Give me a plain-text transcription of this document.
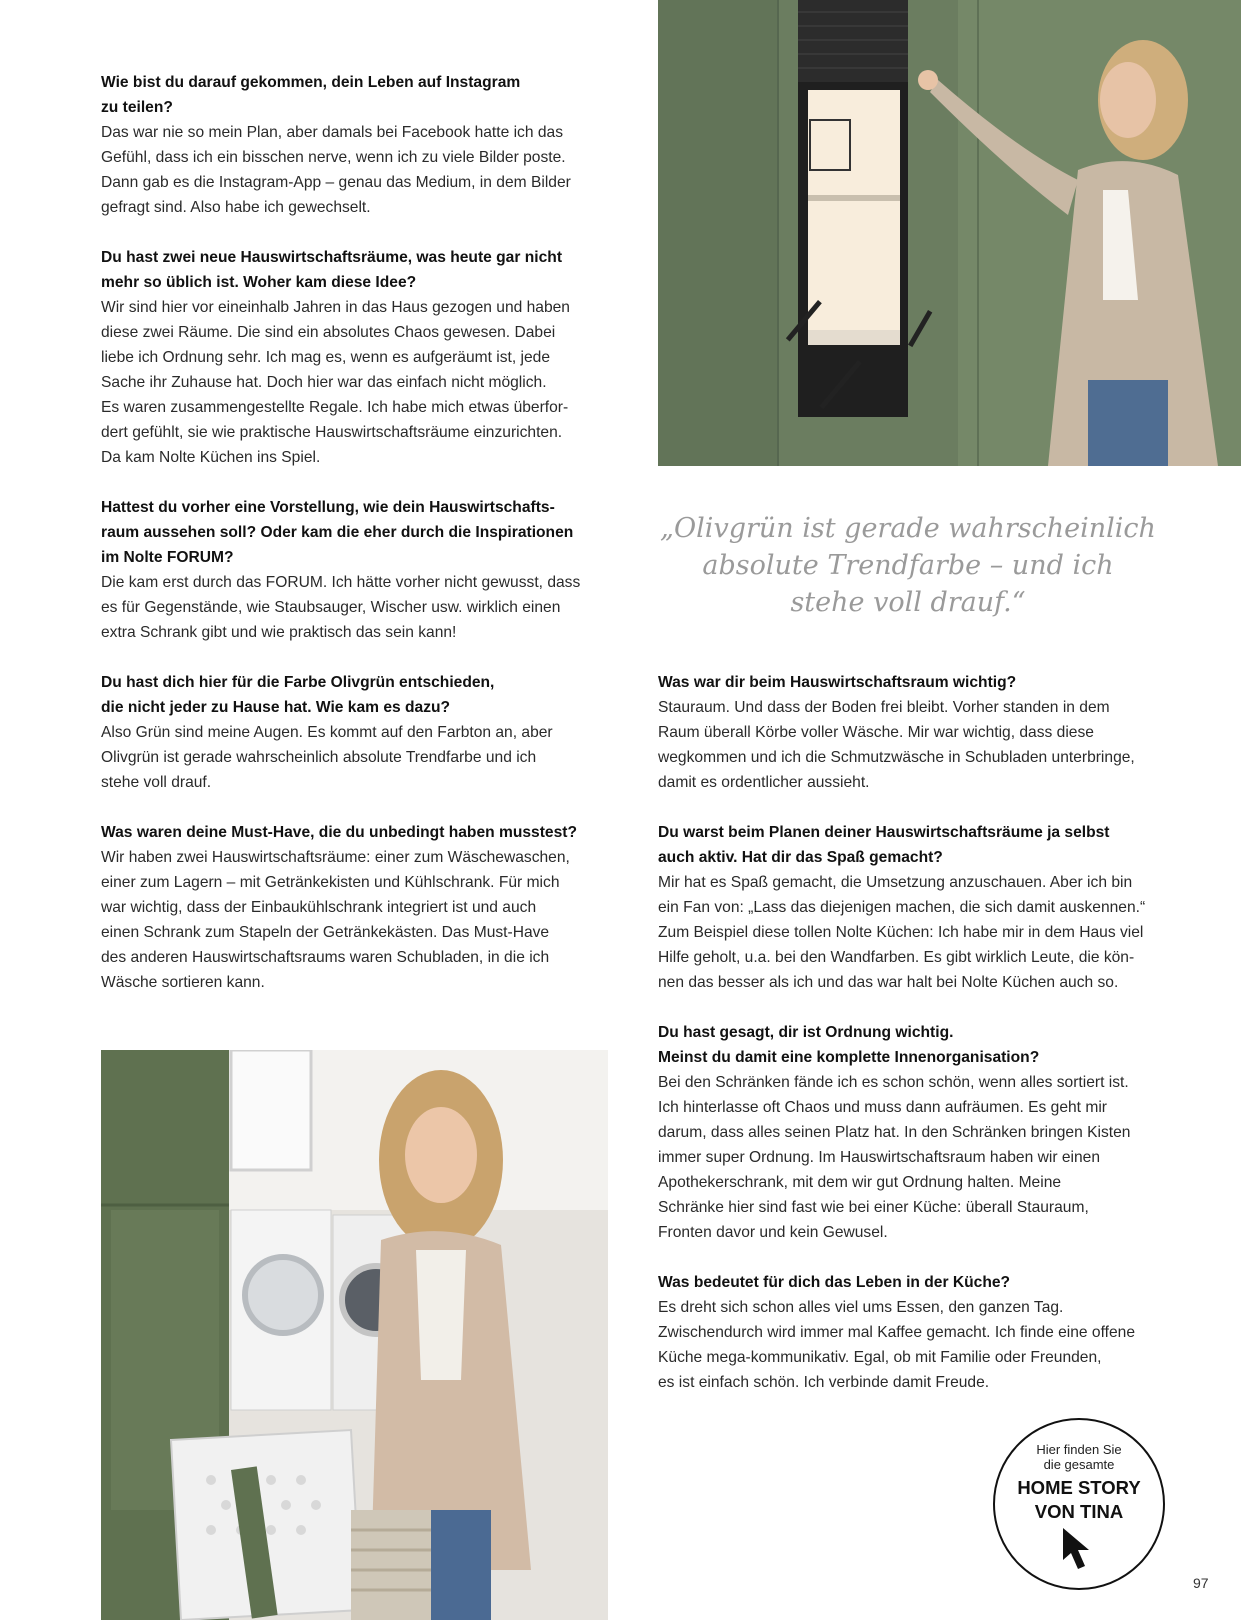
„Olivgrün ist gerade wahrscheinlich
absolute Trendfarbe – und ich
stehe voll drauf.“

Wie bist du darauf gekommen, dein Leben auf Instagram
zu teilen?

Das war nie so mein Plan, aber damals bei Facebook hatte ich das
Gefühl, dass ich ein bisschen nerve, wenn ich zu viele Bilder poste.
Dann gab es die Instagram-App – genau das Medium, in dem Bilder
gefragt sind. Also habe ich gewechselt.

Du hast zwei neue Hauswirtschaftsräume, was heute gar nicht
mehr so üblich ist. Woher kam diese Idee?

Wir sind hier vor eineinhalb Jahren in das Haus gezogen und haben
diese zwei Räume. Die sind ein absolutes Chaos gewesen. Dabei
liebe ich Ordnung sehr. Ich mag es, wenn es aufgeräumt ist, jede
Sache ihr Zuhause hat. Doch hier war das einfach nicht möglich.
Es waren zusammengestellte Regale. Ich habe mich etwas überfor-
dert gefühlt, sie wie praktische Hauswirtschaftsräume einzurichten.
Da kam Nolte Küchen ins Spiel.

Hattest du vorher eine Vorstellung, wie dein Hauswirtschafts-
raum aussehen soll? Oder kam die eher durch die Inspirationen
im Nolte FORUM?

Die kam erst durch das FORUM. Ich hätte vorher nicht gewusst, dass
es für Gegenstände, wie Staubsauger, Wischer usw. wirklich einen
extra Schrank gibt und wie praktisch das sein kann!

Du hast dich hier für die Farbe Olivgrün entschieden,
die nicht jeder zu Hause hat. Wie kam es dazu?

Also Grün sind meine Augen. Es kommt auf den Farbton an, aber
Olivgrün ist gerade wahrscheinlich absolute Trendfarbe und ich
stehe voll drauf.

Was waren deine Must-Have, die du unbedingt haben musstest?

Wir haben zwei Hauswirtschaftsräume: einer zum Wäschewaschen,
einer zum Lagern – mit Getränkekisten und Kühlschrank. Für mich
war wichtig, dass der Einbaukühlschrank integriert ist und auch
einen Schrank zum Stapeln der Getränkekästen. Das Must-Have
des anderen Hauswirtschaftsraums waren Schubladen, in die ich
Wäsche sortieren kann.

Was war dir beim Hauswirtschaftsraum wichtig?

Stauraum. Und dass der Boden frei bleibt. Vorher standen in dem
Raum überall Körbe voller Wäsche. Mir war wichtig, dass diese
wegkommen und ich die Schmutzwäsche in Schubladen unterbringe,
damit es ordentlicher aussieht.

Du warst beim Planen deiner Hauswirtschaftsräume ja selbst
auch aktiv. Hat dir das Spaß gemacht?

Mir hat es Spaß gemacht, die Umsetzung anzuschauen. Aber ich bin
ein Fan von: „Lass das diejenigen machen, die sich damit auskennen.“
Zum Beispiel diese tollen Nolte Küchen: Ich habe mir in dem Haus viel
Hilfe geholt, u.a. bei den Wandfarben. Es gibt wirklich Leute, die kön-
nen das besser als ich und das war halt bei Nolte Küchen auch so.

Du hast gesagt, dir ist Ordnung wichtig.
Meinst du damit eine komplette Innenorganisation?

Bei den Schränken fände ich es schon schön, wenn alles sortiert ist.
Ich hinterlasse oft Chaos und muss dann aufräumen. Es geht mir
darum, dass alles seinen Platz hat. In den Schränken bringen Kisten
immer super Ordnung. Im Hauswirtschaftsraum haben wir einen
Apothekerschrank, mit dem wir gut Ordnung halten. Meine
Schränke hier sind fast wie bei einer Küche: überall Stauraum,
Fronten davor und kein Gewusel.

Was bedeutet für dich das Leben in der Küche?

Es dreht sich schon alles viel ums Essen, den ganzen Tag.
Zwischendurch wird immer mal Kaffee gemacht. Ich finde eine offene
Küche mega-kommunikativ. Egal, ob mit Familie oder Freunden,
es ist einfach schön. Ich verbinde damit Freude.

Hier finden Sie
die gesamte
HOME STORY
VON TINA
97
